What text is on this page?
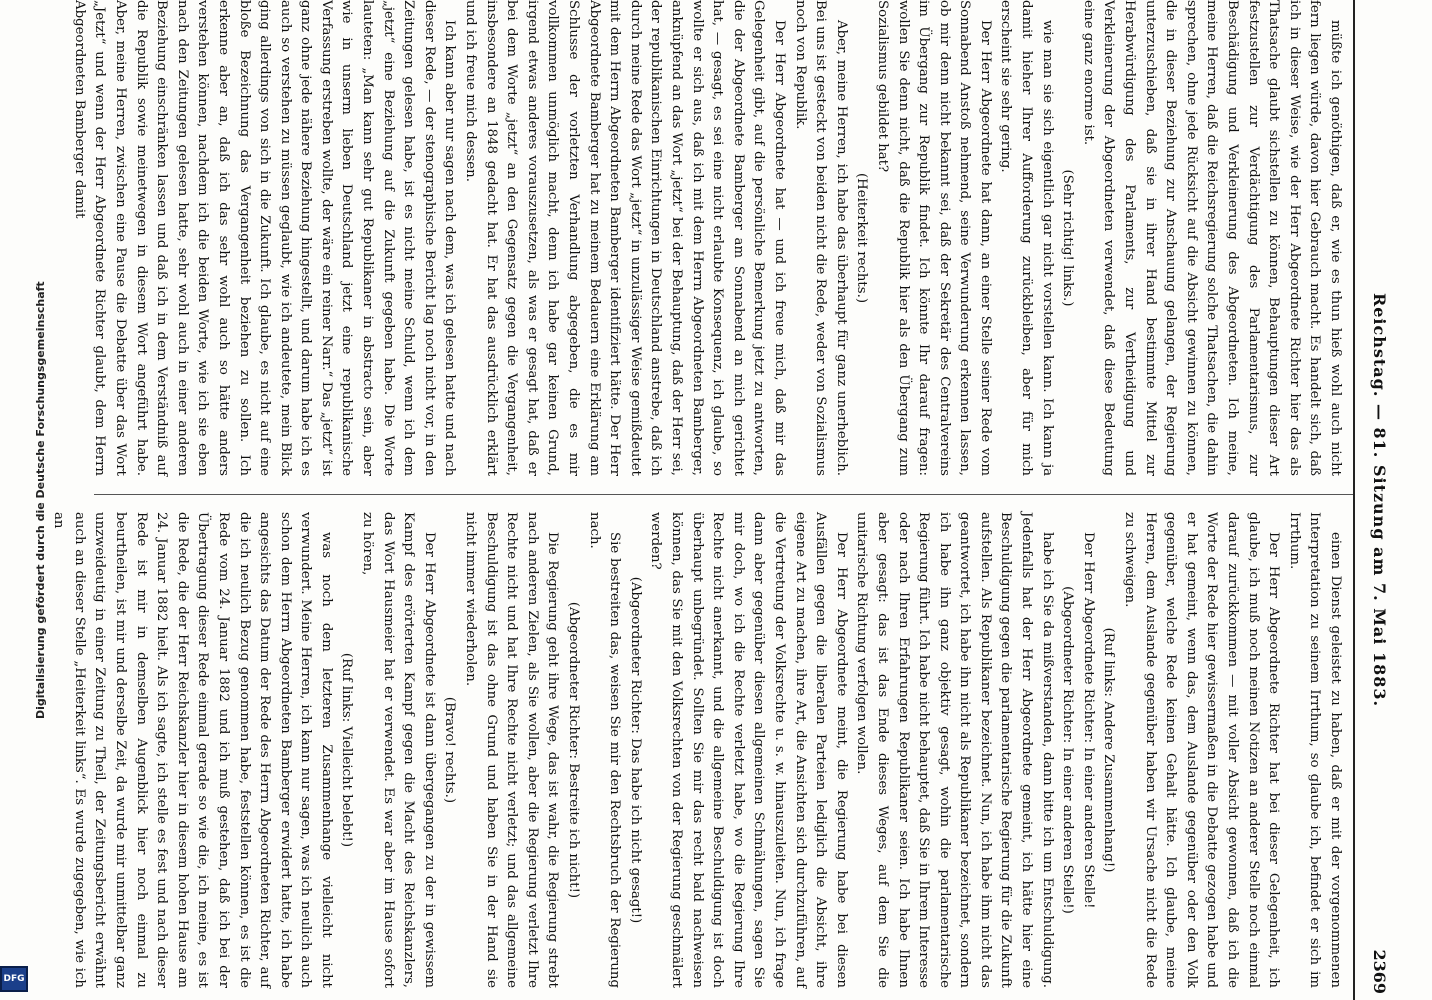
Digitalisierung gefördert durch die Deutsche Forschungsgemeinschaft
DFG
Reichstag. — 81. Sitzung am 7. Mai 1883.
2369

müßte ich genöthigen, daß er, wie es thun hieß wohl auch nicht fern liegen würde, davon hier Gebrauch macht. Es handelt sich, daß ich in dieser Weise, wie der Herr Abgeordnete Richter hier das als Thatsache glaubt sichstellen zu können, Behauptungen dieser Art festzustellen zur Verdächtigung des Parlamentarismus, zur Beschädigung und Verkleinerung des Abgeordneten. Ich meine, meine Herren, daß die Reichsregierung solche Thatsachen, die dahin sprechen, ohne jede Rücksicht auf die Absicht gewinnen zu können, die in dieser Beziehung zur Anschauung gelangen, der Regierung unterzuschieben, daß sie in ihrer Hand bestimmte Mittel zur Herabwürdigung des Parlaments, zur Vertheidigung und Verkleinerung der Abgeordneten verwendet, daß diese Bedeutung eine ganz enorme ist.

(Sehr richtig! links.)

wie man sie sich eigentlich gar nicht vorstellen kann. Ich kann ja damit hieher Ihrer Aufforderung zurückbleiben, aber für mich erscheint sie sehr gering.

Der Herr Abgeordnete hat dann, an einer Stelle seiner Rede vom Sonnabend Anstoß nehmend, seine Verwunderung erkennen lassen, ob mir denn nicht bekannt sei, daß der Sekretär des Centralvereins im Übergang zur Republik findet. Ich könnte Ihr darauf fragen: wollen Sie denn nicht, daß die Republik hier als den Übergang zum Sozialismus gebildet hat?

(Heiterkeit rechts.)

Aber, meine Herren, ich habe das überhaupt für ganz unerheblich. Bei uns ist gesteckt von beiden nicht die Rede, weder von Sozialismus noch von Republik.

Der Herr Abgeordnete hat — und ich freue mich, daß mir das Gelegenheit gibt, auf die persönliche Bemerkung jetzt zu antworten, die der Abgeordnete Bamberger am Sonnabend an mich gerichtet hat, — gesagt, es sei eine nicht erlaubte Konsequenz, ich glaube, so wollte er sich aus, daß ich mit dem Herrn Abgeordneten Bamberger, anknüpfend an das Wort „jetzt“ bei der Behauptung, daß der Herr sei, der republikanischen Einrichtungen in Deutschland anstrebe, daß ich durch meine Rede das Wort „jetzt“ in unzulässiger Weise gemißdeutet mit dem Herrn Abgeordneten Bamberger identifiziert hätte. Der Herr Abgeordnete Bamberger hat zu meinem Bedauern eine Erklärung am Schlusse der vorletzten Verhandlung abgegeben, die es mir vollkommen unmöglich macht, denn ich habe gar keinen Grund, irgend etwas anderes vorauszusetzen, als was er gesagt hat, daß er bei dem Worte „jetzt“ an den Gegensatz gegen die Vergangenheit, insbesondere an 1848 gedacht hat. Er hat das ausdrücklich erklärt und ich freue mich dessen.

Ich kann aber nur sagen nach dem, was ich gelesen hatte und nach dieser Rede, — der stenographische Bericht lag noch nicht vor, in den Zeitungen gelesen habe, ist es nicht meine Schuld, wenn ich dem „jetzt“ eine Beziehung auf die Zukunft gegeben habe. Die Worte lauteten: „Man kann sehr gut Republikaner in abstracto sein, aber wie in unserm lieben Deutschland jetzt eine republikanische Verfassung erstreben wollte, der wäre ein reiner Narr.“ Das „jetzt“ ist ganz ohne jede nähere Beziehung hingestellt, und darum habe ich es auch so verstehen zu müssen geglaubt, wie ich andeutete, mein Blick ging allerdings von sich in die Zukunft. Ich glaube, es nicht auf eine bloße Bezeichnung das Vergangenheit beziehen zu sollen. Ich erkenne aber an, daß ich das sehr wohl auch so hätte anders verstehen können, nachdem ich die beiden Worte, wie ich sie eben nach den Zeitungen gelesen hatte, sehr wohl auch in einer anderen Beziehung einschränken lassen und daß ich in dem Verständniß auf die Republik sowie meinetwegen in diesem Wort angeführt habe. Aber, meine Herren, zwischen eine Pause die Debatte über das Wort „Jetzt“ und wenn der Herr Abgeordnete Richter glaubt, dem Herrn Abgeordneten Bamberger damit

einen Dienst geleistet zu haben, daß er mit der vorgenommenen Interpretation zu seinem Irrthum, so glaube ich, befindet er sich im Irrthum.

Der Herr Abgeordnete Richter hat bei dieser Gelegenheit, ich glaube, ich muß noch meinen Notizen an anderer Stelle noch einmal darauf zurückkommen — mit voller Absicht gewonnen, daß ich die Worte der Rede hier gewissermaßen in die Debatte gezogen habe und er hat gemeint, wenn das, dem Auslande gegenüber oder den Volk gegenüber, welche Rede keinen Gehalt hätte. Ich glaube, meine Herren, dem Auslande gegenüber haben wir Ursache nicht die Rede zu schweigen.

(Ruf links: Andere Zusammenhang!)

Der Herr Abgeordnete Richter: In einer anderen Stelle!

(Abgeordneter Richter: In einer anderen Stelle!)

habe ich Sie da mißverstanden, dann bitte ich um Entschuldigung. Jedenfalls hat der Herr Abgeordnete gemeint, ich hätte hier eine Beschuldigung gegen die parlamentarische Regierung für die Zukunft aufstellen. Als Republikaner bezeichnet. Nun, ich habe ihm nicht das geantwortet, ich habe ihn nicht als Republikaner bezeichnet, sondern ich habe ihn ganz objektiv gesagt, wohin die parlamentarische Regierung führt. Ich habe nicht behauptet, daß Sie in Ihrem Interesse oder nach Ihren Erfahrungen Republikaner seien. Ich habe Ihnen aber gesagt: das ist das Ende dieses Weges, auf dem Sie die unitarische Richtung verfolgen wollen.

Der Herr Abgeordnete meint, die Regierung habe bei diesen Ausfällen gegen die liberalen Parteien lediglich die Absicht, ihre eigene Art zu machen, ihre Art, die Ansichten sich durchzuführen, auf die Vertretung der Volksrechte u. s. w. hinauszuleiten. Nun, ich frage dann aber gegenüber diesen allgemeinen Schmähungen, sagen Sie mir doch, wo ich die Rechte verletzt habe, wo die Regierung Ihre Rechte nicht anerkannt, und die allgemeine Beschuldigung ist doch überhaupt unbegründet. Sollten Sie mir das recht bald nachweisen können, das Sie mit den Volksrechten von der Regierung geschmälert werden?

(Abgeordneter Richter: Das habe ich nicht gesagt!)

Sie bestreiten das, weisen Sie mir den Rechtsbruch der Regierung nach.

(Abgeordneter Richter: Bestreite ich nicht!)

Die Regierung geht ihre Wege, das ist wahr, die Regierung strebt nach anderen Zielen, als Sie wollen, aber die Regierung verletzt Ihre Rechte nicht und hat Ihre Rechte nicht verletzt; und das allgemeine Beschuldigung ist das ohne Grund und haben Sie in der Hand sie nicht immer wiederholen.

(Bravo! rechts.)

Der Herr Abgeordnete ist dann übergegangen zu der in gewissem Kampf des erörterten Kampf gegen die Macht des Reichskanzlers, das Wort Hausmeier hat er verwendet. Es war aber im Hause sofort zu hören,

(Ruf links: Vielleicht belebt!)

was noch dem letzteren Zusammenhange vielleicht nicht verwundert. Meine Herren, ich kann nur sagen, was ich neulich auch schon dem Herrn Abgeordneten Bamberger erwidert hatte, ich habe angesichts das Datum der Rede des Herrn Abgeordneten Richter, auf die ich neulich Bezug genommen habe, feststellen können, es ist die Rede vom 24. Januar 1882 und ich muß gestehen, daß ich bei der Übertragung dieser Rede einmal gerade so wie die, ich meine, es ist die Rede, die der Herr Reichskanzler hier in diesem hohen Hause am 24. Januar 1882 hielt. Als ich sagte, ich stelle es fest und nach dieser Rede ist mir in demselben Augenblick hier noch einmal zu beurtheilen, ist mir und derselbe Zeit, da wurde mir unmittelbar ganz unzweideutig in einer Zeitung zu Theil, der Zeitungsbericht erwähnt auch an dieser Stelle „Heiterkeit links“. Es wurde zugegeben, wie ich an
